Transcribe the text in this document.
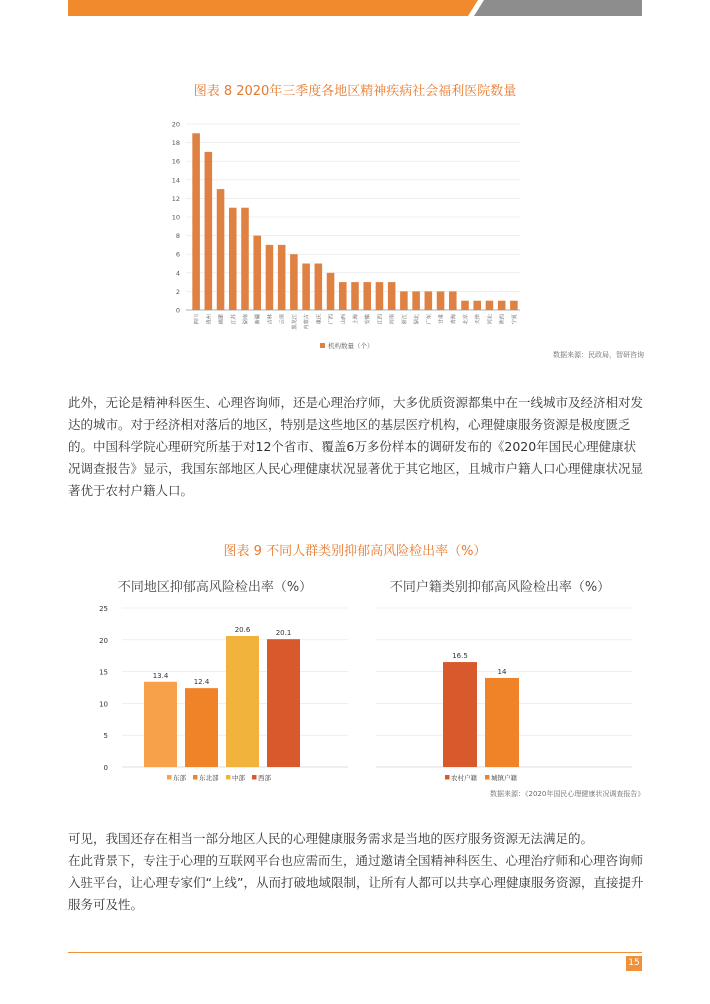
图表 8 2020年三季度各地区精神疾病社会福利医院数量
0
2
4
6
8
10
12
14
16
18
20
四川	贵州	福建	江苏	湖南	新疆	吉林	云南	黑龙江	内蒙古	重庆	广西	山西	上海	安徽	江西	河南	浙江	湖北	广东	甘肃	青海	北京	天津	河北	陕西	宁夏
机构数量（个）
数据来源：民政局，智研咨询

此外，无论是精神科医生、心理咨询师，还是心理治疗师，大多优质资源都集中在一线城市及经济相对发达的城市。对于经济相对落后的地区，特别是这些地区的基层医疗机构，心理健康服务资源是极度匮乏的。中国科学院心理研究所基于对12个省市、覆盖6万多份样本的调研发布的《2020年国民心理健康状况调查报告》显示，我国东部地区人民心理健康状况显著优于其它地区，且城市户籍人口心理健康状况显著优于农村户籍人口。

图表 9 不同人群类别抑郁高风险检出率（%）
不同地区抑郁高风险检出率（%）	不同户籍类别抑郁高风险检出率（%）
0
5
10
15
20
25
13.4
12.4
20.6	20.1
东部 东北部 中部 西部
16.5
14
农村户籍 城镇户籍
数据来源：《2020年国民心理健康状况调查报告》

可见，我国还存在相当一部分地区人民的心理健康服务需求是当地的医疗服务资源无法满足的。

在此背景下，专注于心理的互联网平台也应需而生，通过邀请全国精神科医生、心理治疗师和心理咨询师入驻平台，让心理专家们“上线”，从而打破地域限制，让所有人都可以共享心理健康服务资源，直接提升服务可及性。

15
